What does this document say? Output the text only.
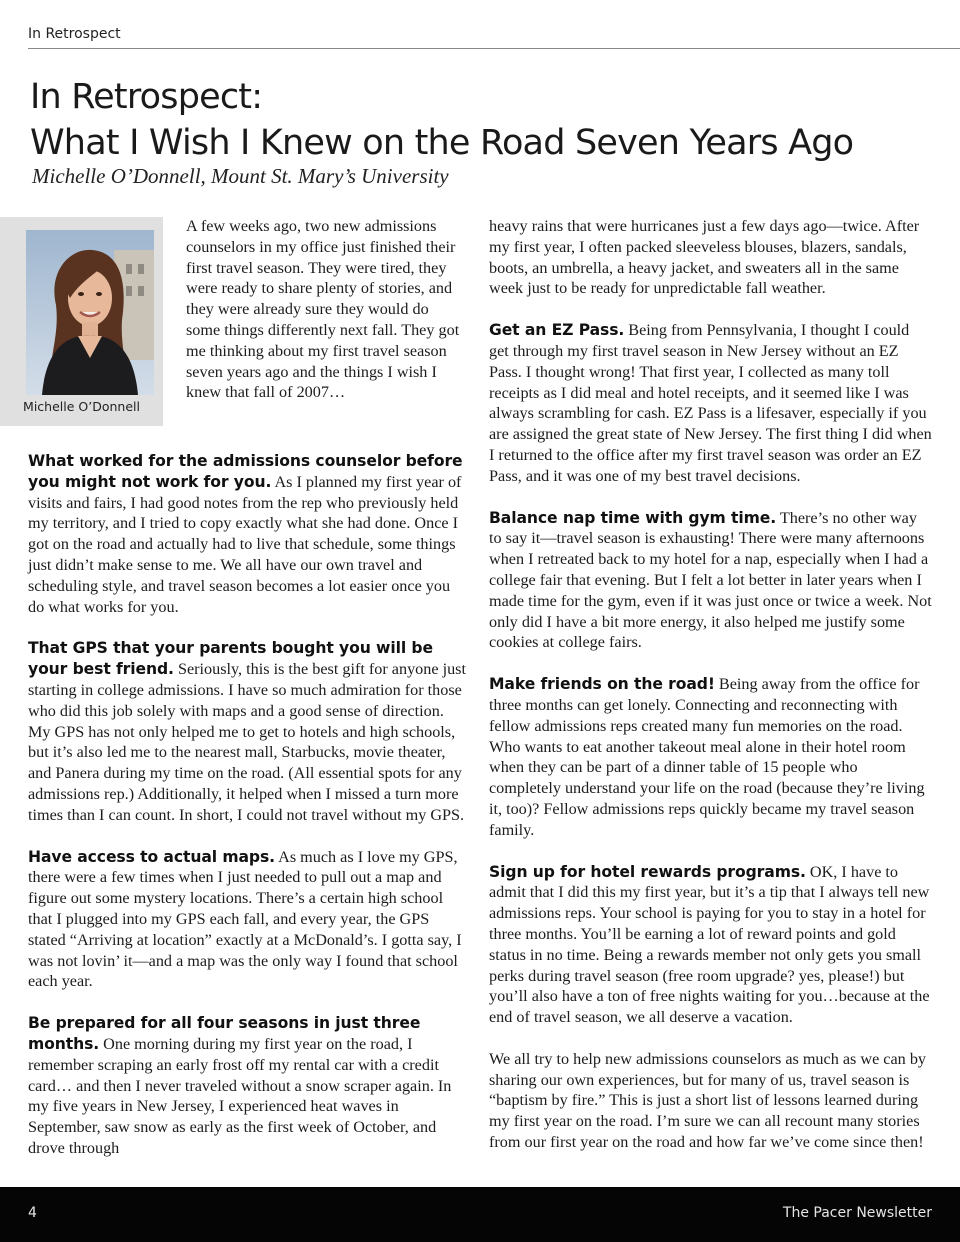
In Retrospect
In Retrospect:
What I Wish I Knew on the Road Seven Years Ago
Michelle O’Donnell, Mount St. Mary’s University
Michelle O’Donnell
A few weeks ago, two new admissions counselors in my office just finished their first travel season. They were tired, they were ready to share plenty of stories, and they were already sure they would do some things differently next fall. They got me thinking about my first travel season seven years ago and the things I wish I knew that fall of 2007…

What worked for the admissions counselor before you might not work for you. As I planned my first year of visits and fairs, I had good notes from the rep who previously held my territory, and I tried to copy exactly what she had done. Once I got on the road and actually had to live that schedule, some things just didn’t make sense to me. We all have our own travel and scheduling style, and travel season becomes a lot easier once you do what works for you.

That GPS that your parents bought you will be your best friend. Seriously, this is the best gift for anyone just starting in college admissions. I have so much admiration for those who did this job solely with maps and a good sense of direction. My GPS has not only helped me to get to hotels and high schools, but it’s also led me to the nearest mall, Starbucks, movie theater, and Panera during my time on the road. (All essential spots for any admissions rep.) Additionally, it helped when I missed a turn more times than I can count. In short, I could not travel without my GPS.

Have access to actual maps. As much as I love my GPS, there were a few times when I just needed to pull out a map and figure out some mystery locations. There’s a certain high school that I plugged into my GPS each fall, and every year, the GPS stated “Arriving at location” exactly at a McDonald’s. I gotta say, I was not lovin’ it—and a map was the only way I found that school each year.

Be prepared for all four seasons in just three months. One morning during my first year on the road, I remember scraping an early frost off my rental car with a credit card… and then I never traveled without a snow scraper again. In my five years in New Jersey, I experienced heat waves in September, saw snow as early as the first week of October, and drove through

heavy rains that were hurricanes just a few days ago—twice. After my first year, I often packed sleeveless blouses, blazers, sandals, boots, an umbrella, a heavy jacket, and sweaters all in the same week just to be ready for unpredictable fall weather.

Get an EZ Pass. Being from Pennsylvania, I thought I could get through my first travel season in New Jersey without an EZ Pass. I thought wrong! That first year, I collected as many toll receipts as I did meal and hotel receipts, and it seemed like I was always scrambling for cash. EZ Pass is a lifesaver, especially if you are assigned the great state of New Jersey. The first thing I did when I returned to the office after my first travel season was order an EZ Pass, and it was one of my best travel decisions.

Balance nap time with gym time. There’s no other way to say it—travel season is exhausting! There were many afternoons when I retreated back to my hotel for a nap, especially when I had a college fair that evening. But I felt a lot better in later years when I made time for the gym, even if it was just once or twice a week. Not only did I have a bit more energy, it also helped me justify some cookies at college fairs.

Make friends on the road! Being away from the office for three months can get lonely. Connecting and reconnecting with fellow admissions reps created many fun memories on the road. Who wants to eat another takeout meal alone in their hotel room when they can be part of a dinner table of 15 people who completely understand your life on the road (because they’re living it, too)? Fellow admissions reps quickly became my travel season family.

Sign up for hotel rewards programs. OK, I have to admit that I did this my first year, but it’s a tip that I always tell new admissions reps. Your school is paying for you to stay in a hotel for three months. You’ll be earning a lot of reward points and gold status in no time. Being a rewards member not only gets you small perks during travel season (free room upgrade? yes, please!) but you’ll also have a ton of free nights waiting for you…because at the end of travel season, we all deserve a vacation.

We all try to help new admissions counselors as much as we can by sharing our own experiences, but for many of us, travel season is “baptism by fire.” This is just a short list of lessons learned during my first year on the road. I’m sure we can all recount many stories from our first year on the road and how far we’ve come since then!

4	The Pacer Newsletter
